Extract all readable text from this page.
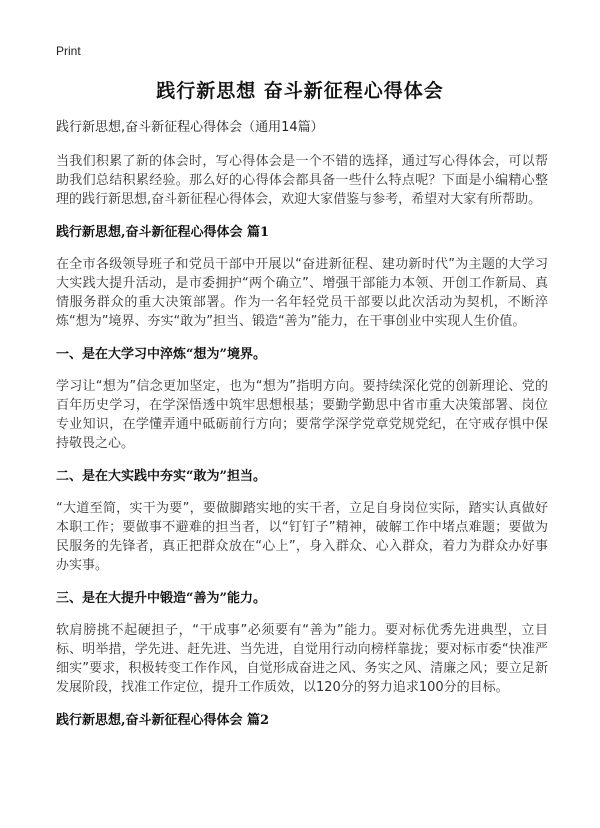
Print
践行新思想 奋斗新征程心得体会

践行新思想,奋斗新征程心得体会（通用14篇）

当我们积累了新的体会时，写心得体会是一个不错的选择，通过写心得体会，可以帮助我们总结积累经验。那么好的心得体会都具备一些什么特点呢？下面是小编精心整理的践行新思想,奋斗新征程心得体会，欢迎大家借鉴与参考，希望对大家有所帮助。

践行新思想,奋斗新征程心得体会 篇1

在全市各级领导班子和党员干部中开展以“奋进新征程、建功新时代”为主题的大学习大实践大提升活动，是市委拥护“两个确立”、增强干部能力本领、开创工作新局、真情服务群众的重大决策部署。作为一名年轻党员干部要以此次活动为契机，不断淬炼“想为”境界、夯实“敢为”担当、锻造“善为”能力，在干事创业中实现人生价值。

一、是在大学习中淬炼“想为”境界。

学习让“想为”信念更加坚定，也为“想为”指明方向。要持续深化党的创新理论、党的百年历史学习，在学深悟透中筑牢思想根基；要勤学勤思中省市重大决策部署、岗位专业知识，在学懂弄通中砥砺前行方向；要常学深学党章党规党纪，在守戒存惧中保持敬畏之心。

二、是在大实践中夯实“敢为”担当。

“大道至简，实干为要”，要做脚踏实地的实干者，立足自身岗位实际，踏实认真做好本职工作；要做事不避难的担当者，以“钉钉子”精神，破解工作中堵点难题；要做为民服务的先锋者，真正把群众放在“心上”，身入群众、心入群众，着力为群众办好事办实事。

三、是在大提升中锻造“善为”能力。

软肩膀挑不起硬担子，“干成事”必须要有“善为”能力。要对标优秀先进典型，立目标、明举措，学先进、赶先进、当先进，自觉用行动向榜样靠拢；要对标市委“快准严细实”要求，积极转变工作作风，自觉形成奋进之风、务实之风、清廉之风；要立足新发展阶段，找准工作定位，提升工作质效，以120分的努力追求100分的目标。

践行新思想,奋斗新征程心得体会 篇2
